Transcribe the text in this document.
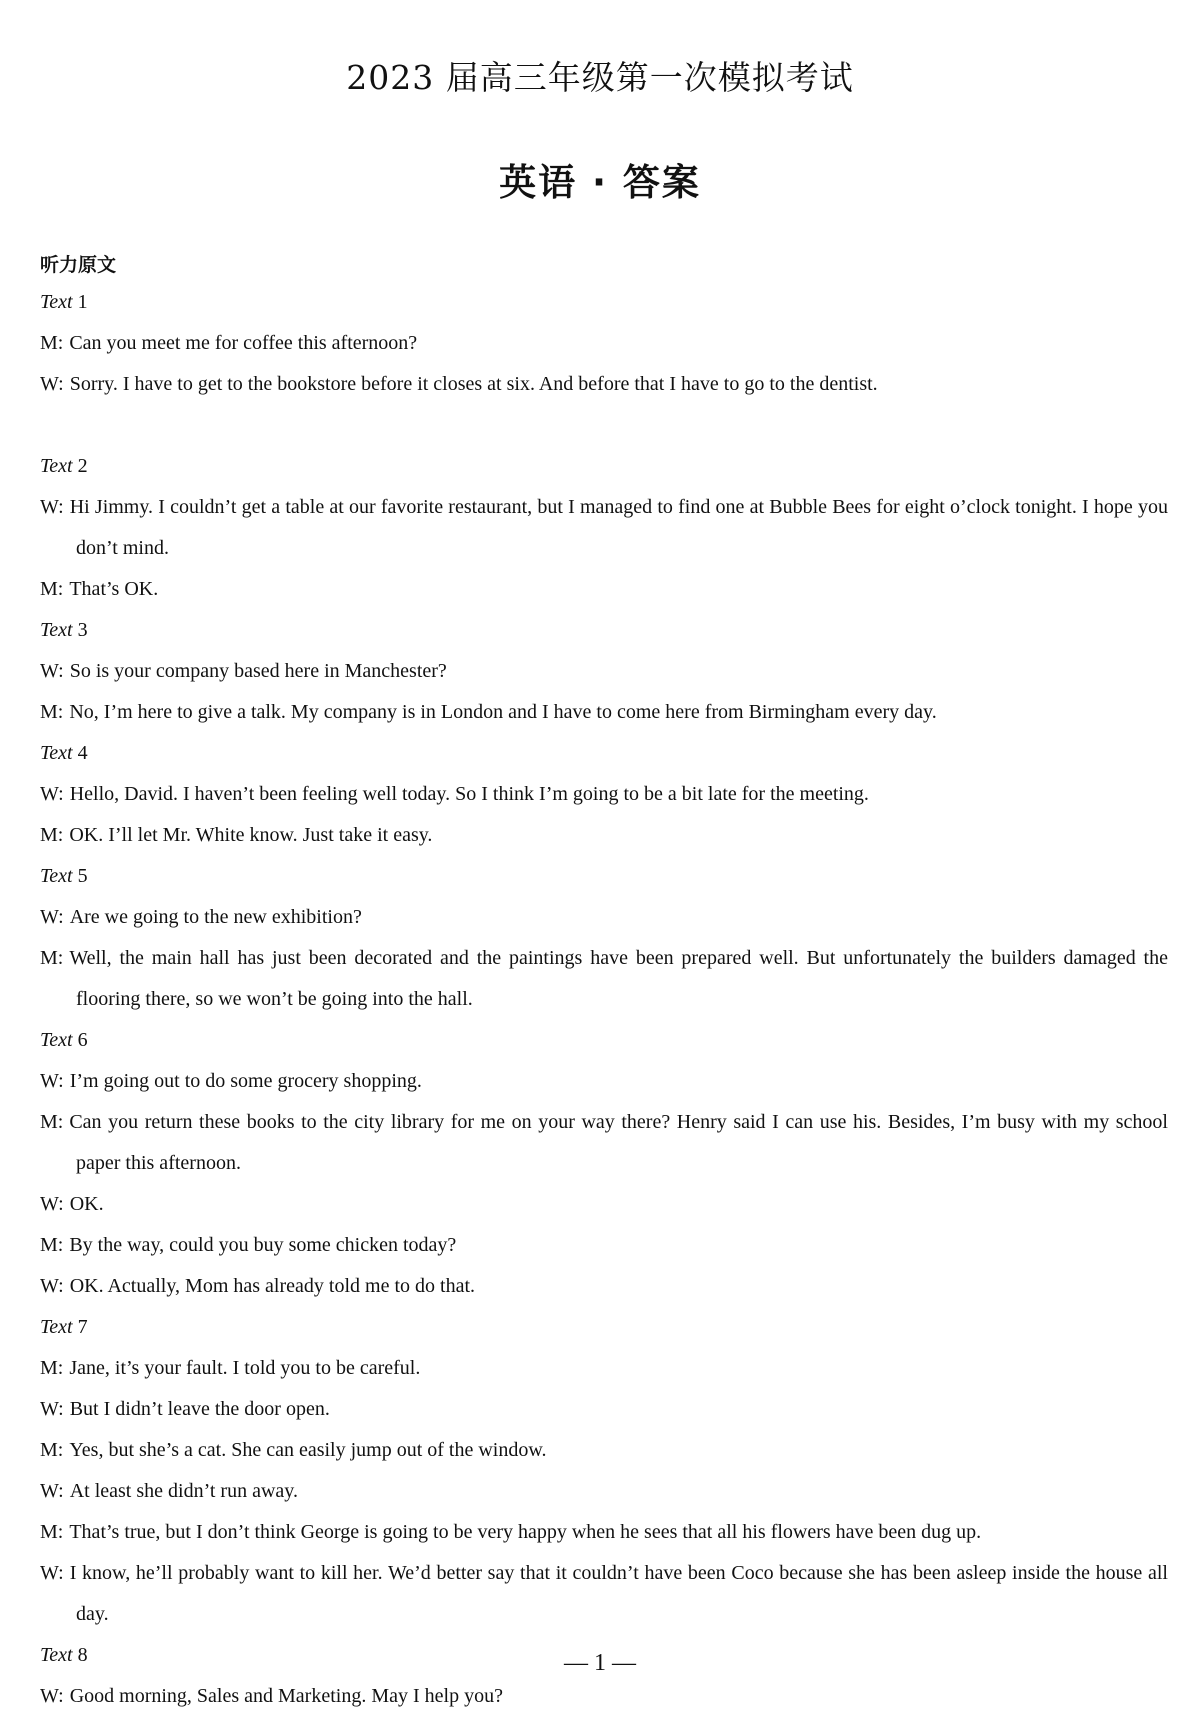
2023 届高三年级第一次模拟考试
英语 · 答案
听力原文
Text 1
M: Can you meet me for coffee this afternoon?
W: Sorry. I have to get to the bookstore before it closes at six. And before that I have to go to the dentist.
Text 2
W: Hi Jimmy. I couldn’t get a table at our favorite restaurant, but I managed to find one at Bubble Bees for eight o’clock tonight. I hope you don’t mind.
M: That’s OK.
Text 3
W: So is your company based here in Manchester?
M: No, I’m here to give a talk. My company is in London and I have to come here from Birmingham every day.
Text 4
W: Hello, David. I haven’t been feeling well today. So I think I’m going to be a bit late for the meeting.
M: OK. I’ll let Mr. White know. Just take it easy.
Text 5
W: Are we going to the new exhibition?
M: Well, the main hall has just been decorated and the paintings have been prepared well. But unfortunately the builders damaged the flooring there, so we won’t be going into the hall.
Text 6
W: I’m going out to do some grocery shopping.
M: Can you return these books to the city library for me on your way there? Henry said I can use his. Besides, I’m busy with my school paper this afternoon.
W: OK.
M: By the way, could you buy some chicken today?
W: OK. Actually, Mom has already told me to do that.
Text 7
M: Jane, it’s your fault. I told you to be careful.
W: But I didn’t leave the door open.
M: Yes, but she’s a cat. She can easily jump out of the window.
W: At least she didn’t run away.
M: That’s true, but I don’t think George is going to be very happy when he sees that all his flowers have been dug up.
W: I know, he’ll probably want to kill her. We’d better say that it couldn’t have been Coco because she has been asleep inside the house all day.
Text 8
W: Good morning, Sales and Marketing. May I help you?
— 1 —
